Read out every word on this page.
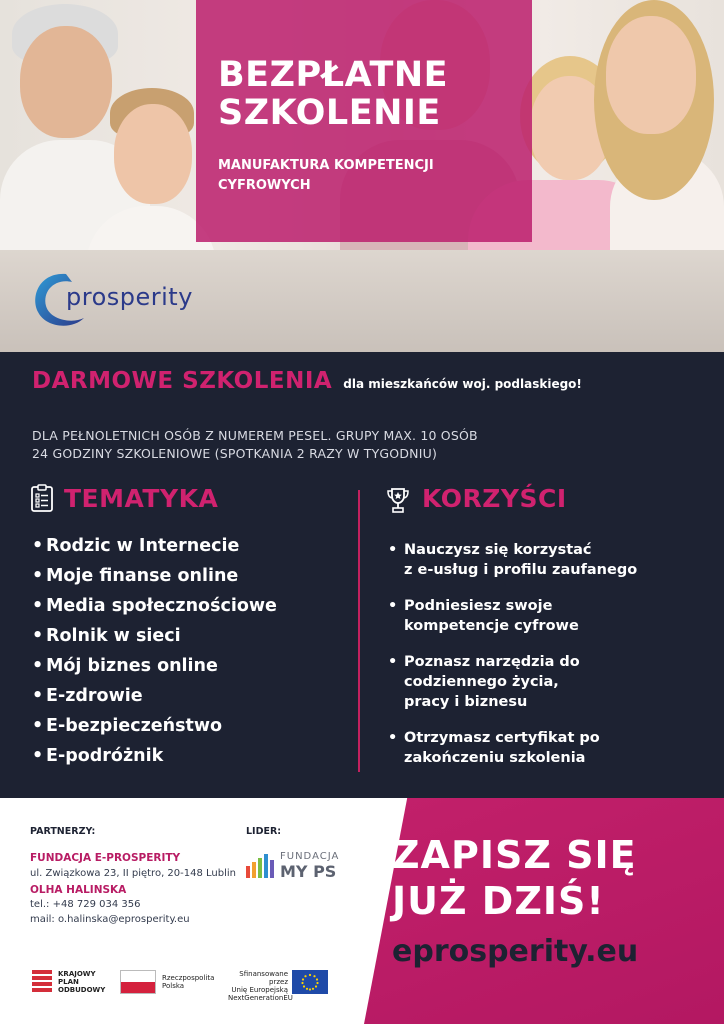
BEZPŁATNE
SZKOLENIE
MANUFAKTURA KOMPETENCJI
CYFROWYCH
prosperity
DARMOWE SZKOLENIA dla mieszkańców woj. podlaskiego!
DLA PEŁNOLETNICH OSÓB Z NUMEREM PESEL. GRUPY MAX. 10 OSÓB
24 GODZINY SZKOLENIOWE (SPOTKANIA 2 RAZY W TYGODNIU)
TEMATYKA	KORZYŚCI
• Rodzic w Internecie
• Moje finanse online
• Media społecznościowe
• Rolnik w sieci
• Mój biznes online
• E-zdrowie
• E-bezpieczeństwo
• E-podróżnik
• Nauczysz się korzystać
z e-usług i profilu zaufanego
• Podniesiesz swoje
kompetencje cyfrowe
• Poznasz narzędzia do
codziennego życia,
pracy i biznesu
• Otrzymasz certyfikat po
zakończeniu szkolenia
PARTNERZY:	LIDER:
FUNDACJA E-PROSPERITY
ul. Związkowa 23, II piętro, 20-148 Lublin
OLHA HALINSKA
tel.: +48 729 034 356
mail: o.halinska@eprosperity.eu
FUNDACJA
MY PS ZAPISZ SIĘ
JUŻ DZIŚ!
eprosperity.eu
KRAJOWY
PLAN
ODBUDOWY
Rzeczpospolita
Polska
Sfinansowane przez
Unię Europejską
NextGenerationEU
